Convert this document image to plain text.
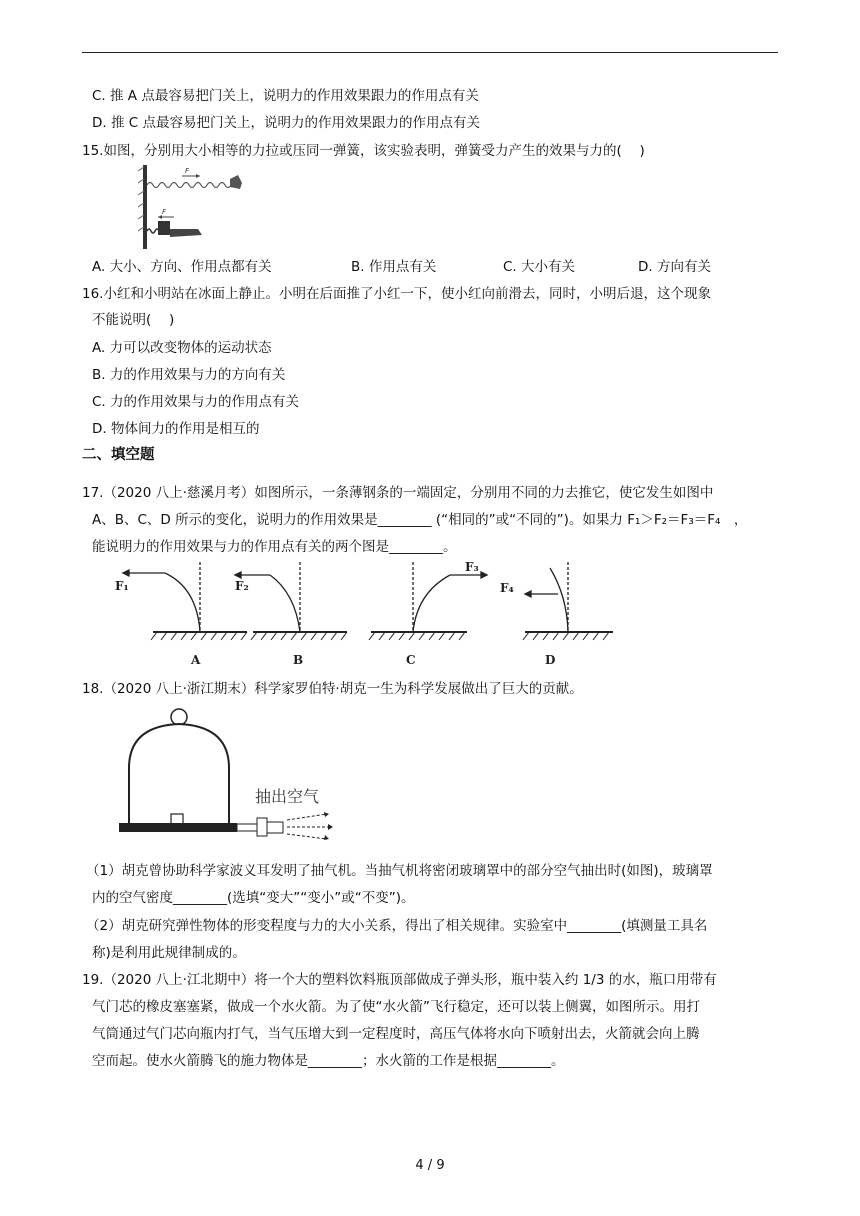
C. 推 A 点最容易把门关上，说明力的作用效果跟力的作用点有关
D. 推 C 点最容易把门关上，说明力的作用效果跟力的作用点有关
15.如图，分别用大小相等的力拉或压同一弹簧，该实验表明，弹簧受力产生的效果与力的(　 )
F
F
A. 大小、方向、作用点都有关	B. 作用点有关	C. 大小有关	D. 方向有关
16.小红和小明站在冰面上静止。小明在后面推了小红一下，使小红向前滑去，同时，小明后退，这个现象
不能说明(　 )
A. 力可以改变物体的运动状态
B. 力的作用效果与力的方向有关
C. 力的作用效果与力的作用点有关
D. 物体间力的作用是相互的
二、填空题
17.（2020 八上·慈溪月考）如图所示，一条薄钢条的一端固定，分别用不同的力去推它，使它发生如图中
A、B、C、D 所示的变化，说明力的作用效果是________ (“相同的”或“不同的”)。如果力 F₁＞F₂＝F₃＝F₄　，
能说明力的作用效果与力的作用点有关的两个图是________。
F₁	F₂
F₃
F₄
A	B	C	D
18.（2020 八上·浙江期末）科学家罗伯特·胡克一生为科学发展做出了巨大的贡献。
抽出空气
（1）胡克曾协助科学家波义耳发明了抽气机。当抽气机将密闭玻璃罩中的部分空气抽出时(如图)，玻璃罩
内的空气密度________(选填“变大”“变小”或“不变”)。
（2）胡克研究弹性物体的形变程度与力的大小关系，得出了相关规律。实验室中________(填测量工具名
称)是利用此规律制成的。
19.（2020 八上·江北期中）将一个大的塑料饮料瓶顶部做成子弹头形，瓶中装入约 1/3 的水，瓶口用带有
气门芯的橡皮塞塞紧，做成一个水火箭。为了使“水火箭”飞行稳定，还可以装上侧翼，如图所示。用打
气筒通过气门芯向瓶内打气，当气压增大到一定程度时，高压气体将水向下喷射出去，火箭就会向上腾
空而起。使水火箭腾飞的施力物体是________；水火箭的工作是根据________。
4 / 9
